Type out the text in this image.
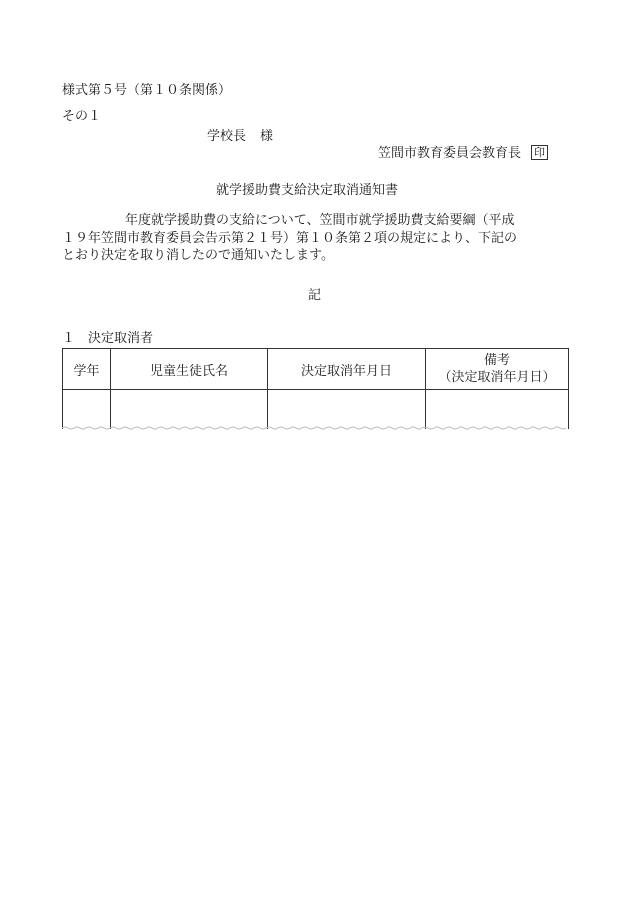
様式第５号（第１０条関係）
その１
学校長 様
笠間市教育委員会教育長 印
就学援助費支給決定取消通知書
年度就学援助費の支給について、笠間市就学援助費支給要綱（平成
１９年笠間市教育委員会告示第２１号）第１０条第２項の規定により、下記の
とおり決定を取り消したので通知いたします。
記
１　決定取消者
学年	児童生徒氏名	決定取消年月日	備考
（決定取消年月日）
